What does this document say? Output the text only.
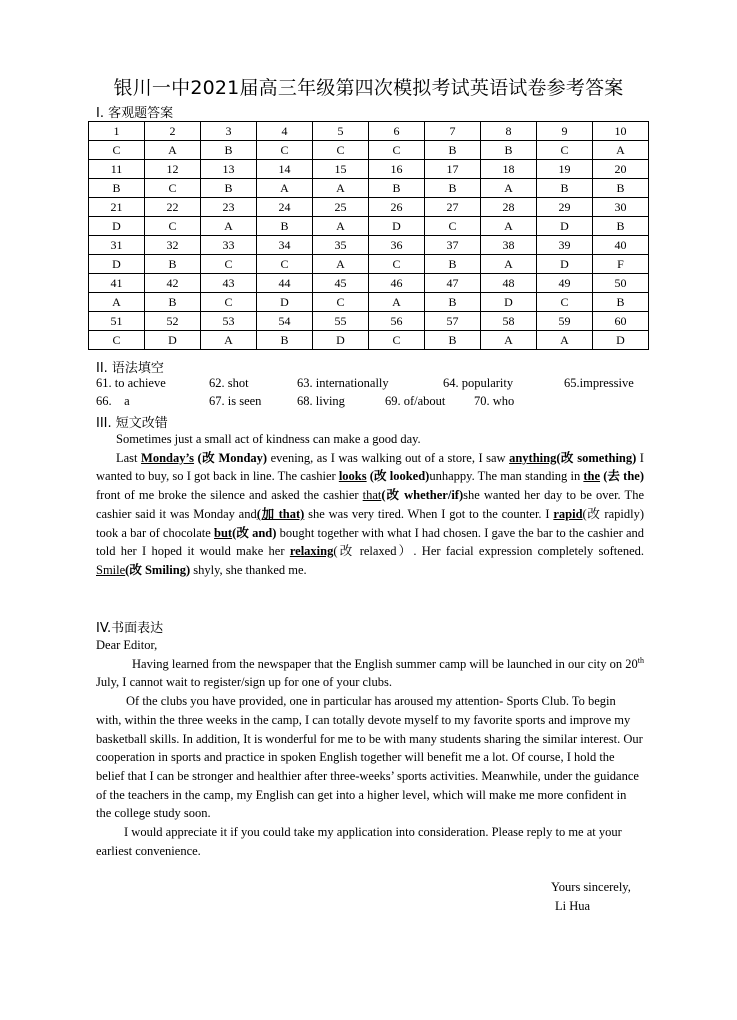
银川一中2021届高三年级第四次模拟考试英语试卷参考答案
I. 客观题答案
1	2	3	4	5	6	7	8	9	10
C	A	B	C	C	C	B	B	C	A
11	12	13	14	15	16	17	18	19	20
B	C	B	A	A	B	B	A	B	B
21	22	23	24	25	26	27	28	29	30
D	C	A	B	A	D	C	A	D	B
31	32	33	34	35	36	37	38	39	40
D	B	C	C	A	C	B	A	D	F
41	42	43	44	45	46	47	48	49	50
A	B	C	D	C	A	B	D	C	B
51	52	53	54	55	56	57	58	59	60
C	D	A	B	D	C	B	A	A	D
II. 语法填空
61. to achieve	62. shot	63. internationally	64. popularity	65.impressive
66.    a	67. is seen	68. living	69. of/about 70. who
III. 短文改错

Sometimes just a small act of kindness can make a good day.

Last Monday’s (改 Monday) evening, as I was walking out of a store, I saw anything(改 something) I wanted to buy, so I got back in line. The cashier looks (改 looked)unhappy. The man standing in the (去 the) front of me broke the silence and asked the cashier that(改 whether/if)she wanted her day to be over. The cashier said it was Monday and(加 that) she was very tired. When I got to the counter. I rapid(改 rapidly) took a bar of chocolate but(改 and) bought together with what I had chosen. I gave the bar to the cashier and told her I hoped it would make her relaxing(改 relaxed）. Her facial expression completely softened. Smile(改 Smiling) shyly, she thanked me.

IV.书面表达

Dear Editor,

Having learned from the newspaper that the English summer camp will be launched in our city on 20th July, I cannot wait to register/sign up for one of your clubs.

Of the clubs you have provided, one in particular has aroused my attention- Sports Club. To begin with, within the three weeks in the camp, I can totally devote myself to my favorite sports and improve my basketball skills. In addition, It is wonderful for me to be with many students sharing the similar interest. Our cooperation in sports and practice in spoken English together will benefit me a lot. Of course, I hold the belief that I can be stronger and healthier after three-weeks’ sports activities. Meanwhile, under the guidance of the teachers in the camp, my English can get into a higher level, which will make me more confident in the college study soon.

I would appreciate it if you could take my application into consideration. Please reply to me at your earliest convenience.

Yours sincerely,
Li Hua
